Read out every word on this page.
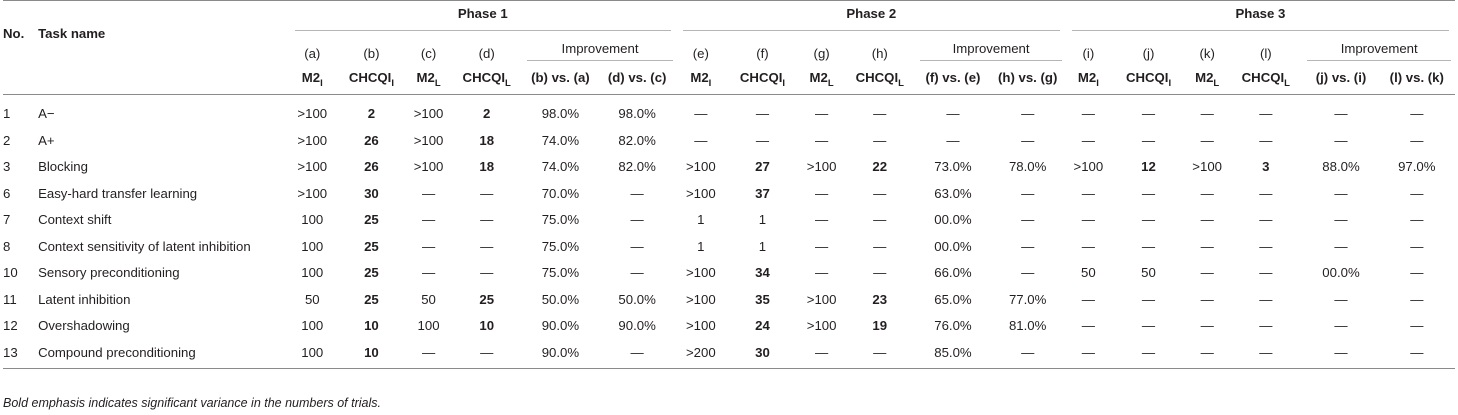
No.	Task name	Phase 1						Phase 2						Phase 3					

		(a)	(b)	(c)	(d)	Improvement		(e)	(f)	(g)	(h)	Improvement		(i)	(j)	(k)	(l)	Improvement	

		$M2_I$	$CHCQI_I$	$M2_L$	$CHCQI_L$	(b) vs. (a)	(d) vs. (c)	$M2_I$	$CHCQI_I$	$M2_L$	$CHCQI_L$	(f) vs. (e)	(h) vs. (g)	$M2_I$	$CHCQI_I$	$M2_L$	$CHCQI_L$	(j) vs. (i)	(l) vs. (k)
1	A−	>100	2	>100	2	98.0%	98.0%	—	—	—	—	—	—	—	—	—	—	—	—
2	A+	>100	26	>100	18	74.0%	82.0%	—	—	—	—	—	—	—	—	—	—	—	—
3	Blocking	>100	26	>100	18	74.0%	82.0%	>100	27	>100	22	73.0%	78.0%	>100	12	>100	3	88.0%	97.0%
6	Easy-hard transfer learning	>100	30	—	—	70.0%	—	>100	37	—	—	63.0%	—	—	—	—	—	—	—
7	Context shift	100	25	—	—	75.0%	—	1	1	—	—	00.0%	—	—	—	—	—	—	—
8	Context sensitivity of latent inhibition	100	25	—	—	75.0%	—	1	1	—	—	00.0%	—	—	—	—	—	—	—
10	Sensory preconditioning	100	25	—	—	75.0%	—	>100	34	—	—	66.0%	—	50	50	—	—	00.0%	—
11	Latent inhibition	50	25	50	25	50.0%	50.0%	>100	35	>100	23	65.0%	77.0%	—	—	—	—	—	—
12	Overshadowing	100	10	100	10	90.0%	90.0%	>100	24	>100	19	76.0%	81.0%	—	—	—	—	—	—
13	Compound preconditioning	100	10	—	—	90.0%	—	>200	30	—	—	85.0%	—	—	—	—	—	—	—
Bold emphasis indicates significant variance in the numbers of trials.
